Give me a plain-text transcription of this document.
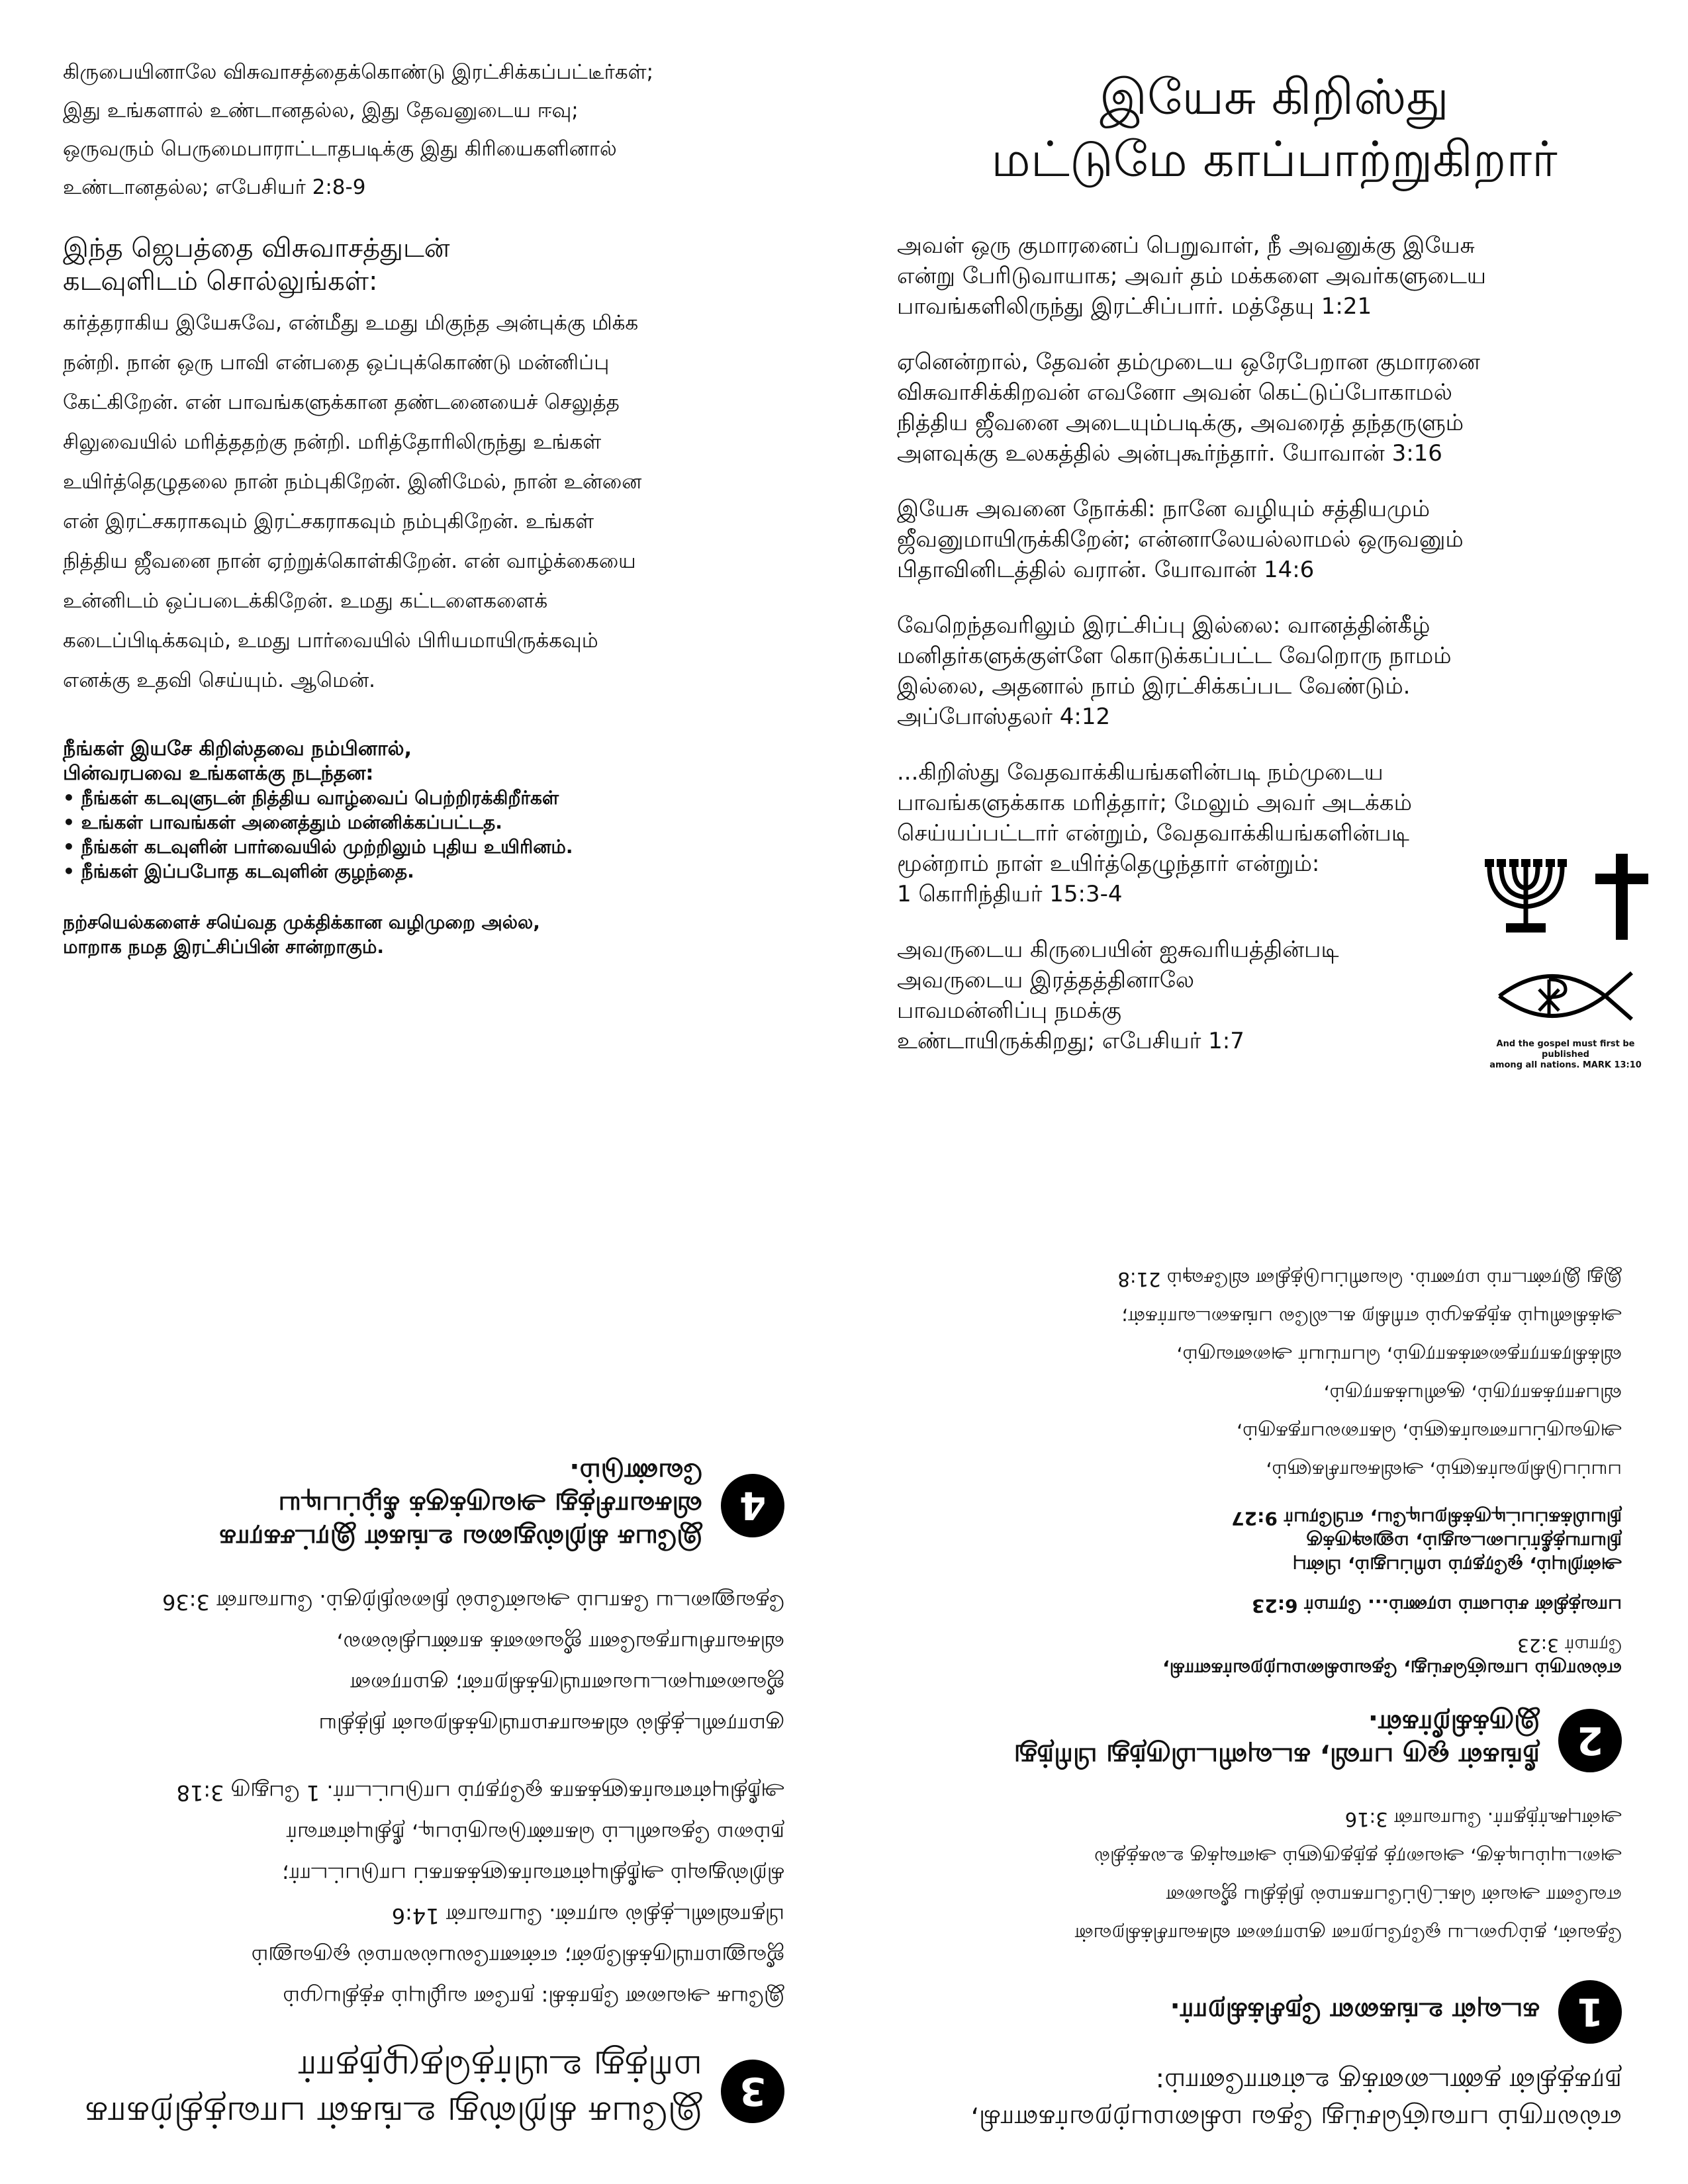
கிருபையினாலே விசுவாசத்தைக்கொண்டு இரட்சிக்கப்பட்டீர்கள்;

இது உங்களால் உண்டானதல்ல, இது தேவனுடைய ஈவு;

ஒருவரும் பெருமைபாராட்டாதபடிக்கு இது கிரியைகளினால்

உண்டானதல்ல; எபேசியர் 2:8-9

இந்த ஜெபத்தை விசுவாசத்துடன்
கடவுளிடம் சொல்லுங்கள்:

கர்த்தராகிய இயேசுவே, என்மீது உமது மிகுந்த அன்புக்கு மிக்க

நன்றி. நான் ஒரு பாவி என்பதை ஒப்புக்கொண்டு மன்னிப்பு

கேட்கிறேன். என் பாவங்களுக்கான தண்டனையைச் செலுத்த

சிலுவையில் மரித்ததற்கு நன்றி. மரித்தோரிலிருந்து உங்கள்

உயிர்த்தெழுதலை நான் நம்புகிறேன். இனிமேல், நான் உன்னை

என் இரட்சகராகவும் இரட்சகராகவும் நம்புகிறேன். உங்கள்

நித்திய ஜீவனை நான் ஏற்றுக்கொள்கிறேன். என் வாழ்க்கையை

உன்னிடம் ஒப்படைக்கிறேன். உமது கட்டளைகளைக்

கடைப்பிடிக்கவும், உமது பார்வையில் பிரியமாயிருக்கவும்

எனக்கு உதவி செய்யும். ஆமென்.

நீங்கள் இயசே கிறிஸ்தவை நம்பினால்,
பின்வரபவை உங்களக்கு நடந்தன:
• நீங்கள் கடவுளுடன் நித்திய வாழ்வைப் பெற்றிரக்கிறீர்கள்
• உங்கள் பாவங்கள் அனைத்தும் மன்னிக்கப்பட்டத.
• நீங்கள் கடவுளின் பார்வையில் முற்றிலும் புதிய உயிரினம்.
• நீங்கள் இப்பபோத கடவுளின் குழந்தை.
நற்சயெல்களைச் சயெ்வத முக்திக்கான வழிமுறை அல்ல,
மாறாக நமத இரட்சிப்பின் சான்றாகும்.
இயேசு கிறிஸ்து
மட்டுமே காப்பாற்றுகிறார்
அவள் ஒரு குமாரனைப் பெறுவாள், நீ அவனுக்கு இயேசு
என்று பேரிடுவாயாக; அவர் தம் மக்களை அவர்களுடைய
பாவங்களிலிருந்து இரட்சிப்பார். மத்தேயு 1:21
ஏனென்றால், தேவன் தம்முடைய ஒரேபேறான குமாரனை
விசுவாசிக்கிறவன் எவனோ அவன் கெட்டுப்போகாமல்
நித்திய ஜீவனை அடையும்படிக்கு, அவரைத் தந்தருளும்
அளவுக்கு உலகத்தில் அன்புகூர்ந்தார். யோவான் 3:16
இயேசு அவனை நோக்கி: நானே வழியும் சத்தியமும்
ஜீவனுமாயிருக்கிறேன்; என்னாலேயல்லாமல் ஒருவனும்
பிதாவினிடத்தில் வரான். யோவான் 14:6
வேறெந்தவரிலும் இரட்சிப்பு இல்லை: வானத்தின்கீழ்
மனிதர்களுக்குள்ளே கொடுக்கப்பட்ட வேறொரு நாமம்
இல்லை, அதனால் நாம் இரட்சிக்கப்பட வேண்டும்.
அப்போஸ்தலர் 4:12
...கிறிஸ்து வேதவாக்கியங்களின்படி நம்முடைய
பாவங்களுக்காக மரித்தார்; மேலும் அவர் அடக்கம்
செய்யப்பட்டார் என்றும், வேதவாக்கியங்களின்படி
மூன்றாம் நாள் உயிர்த்தெழுந்தார் என்றும்:
1 கொரிந்தியர் 15:3-4
அவருடைய கிருபையின் ஐசுவரியத்தின்படி
அவருடைய இரத்தத்தினாலே
பாவமன்னிப்பு நமக்கு
உண்டாயிருக்கிறது; எபேசியர் 1:7	And the gospel must first be published
among all nations. MARK 13:10
எல்லாரும் பாவஞ்செய்து தேவ மகிமையற்றவர்களாகி,
நரகத்தின் தண்டனைக்கு உள்ளானோம்:
1

கடவுள் உங்களை நேசிக்கிறார்.

தேவன், தம்முடைய ஒரேபேறான குமாரனை விசுவாசிக்கிறவன்

எவனோ அவன் கெட்டுப்போகாமல் நித்திய ஜீவனை

அடையும்படிக்கு, அவரைத் தந்தருளும் அளவுக்கு உலகத்தில்

அன்புகூர்ந்தார். யோவான் 3:16

2
நீங்கள் ஒரு பாவி, கடவுளிடமிருந்து பிரிந்து
இருக்கிறீர்கள்.
எல்லாரும் பாவஞ்செய்து, தேவமகிமையற்றவர்களாகி,
ரோமர் 3:23

பாவத்தின் சம்பளம் மரணம்... ரோமர் 6:23

அன்றியும், ஒரேதரம் மரிப்பதும், பின்பு
நியாயத்தீர்ப்படைவதும், மனுஷருக்கு
நியமிக்கப்பட்டிருக்கிறபடியே, எபிரேயர் 9:27

பயப்படுகிறவர்களும், அவிசுவாசிகளும்,

அருவருப்பானவர்களும், கொலைபாதகரும்,

விபசாரக்காரரும், சூனியக்காரரும்,

விக்கிரகாராதனைக்காரரும், பொய்யர் அனைவரும்,

அக்கினியும் கந்தகமும் எரிகிற கடலிலே பங்கடைவார்கள்;

இது இரண்டாம் மரணம். வெளிப்படுத்தின விசேஷம் 21:8

3
இயேசு கிறிஸ்து உங்கள் பாவத்திற்காக
மரித்து உயிர்த்தெழுந்தார்

இயேசு அவனை நோக்கி: நானே வழியும் சத்தியமும்

ஜீவனுமாயிருக்கிறேன்; என்னாலேயல்லாமல் ஒருவனும்

பிதாவினிடத்தில் வரான். யோவான் 14:6

கிறிஸ்துவும் அநீதியுள்ளவர்களுக்காகப் பாடுபட்டார்;

நம்மை தேவனிடம் கொண்டுவரும்படி, நீதியுள்ளவர்

அநீதியுள்ளவர்களுக்காக ஒரேதரம் பாடுபட்டார். 1 பேதுரு 3:18

குமாரனிடத்தில் விசுவாசமாயிருக்கிறவன் நித்திய

ஜீவனையுடையவனாயிருக்கிறான்; குமாரனை

விசுவாசியாதவனோ ஜீவனைக் காண்பதில்லை,

தேவனுடைய கோபம் அவன்மேல் நிலைநிற்கும். யோவான் 3:36

4
இயேசு கிறிஸ்துவை உங்கள் இரட்சகராக
விசுவாசித்து அவருக்குக் கீழ்ப்படிய
வேண்டும்.
